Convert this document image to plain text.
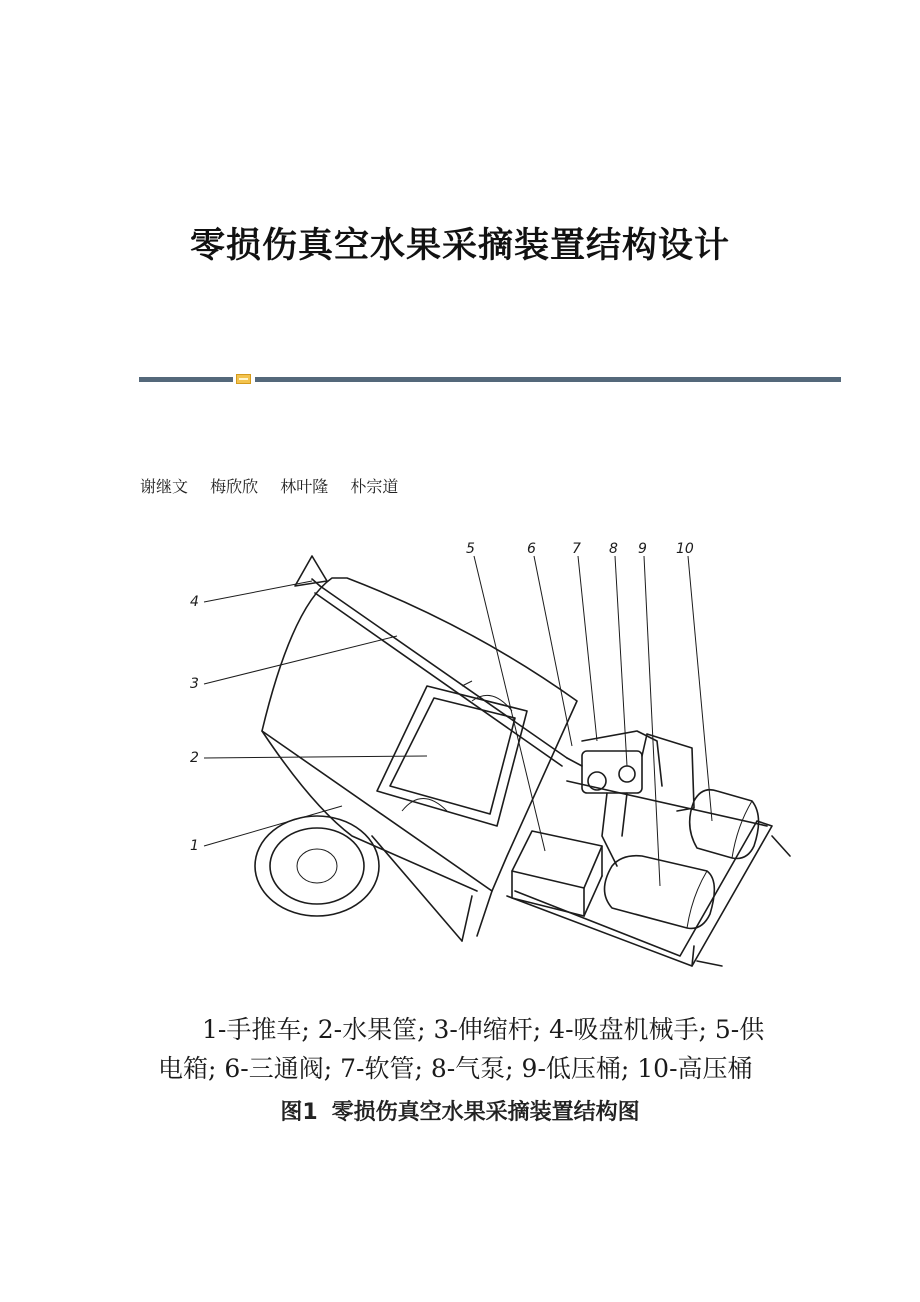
零损伤真空水果采摘装置结构设计
谢继文 梅欣欣 林叶隆 朴宗道
4
3
2
1
5	6	7 8 9 10
1-手推车; 2-水果筐; 3-伸缩杆; 4-吸盘机械手; 5-供
电箱; 6-三通阀; 7-软管; 8-气泵; 9-低压桶; 10-高压桶
图1 零损伤真空水果采摘装置结构图
